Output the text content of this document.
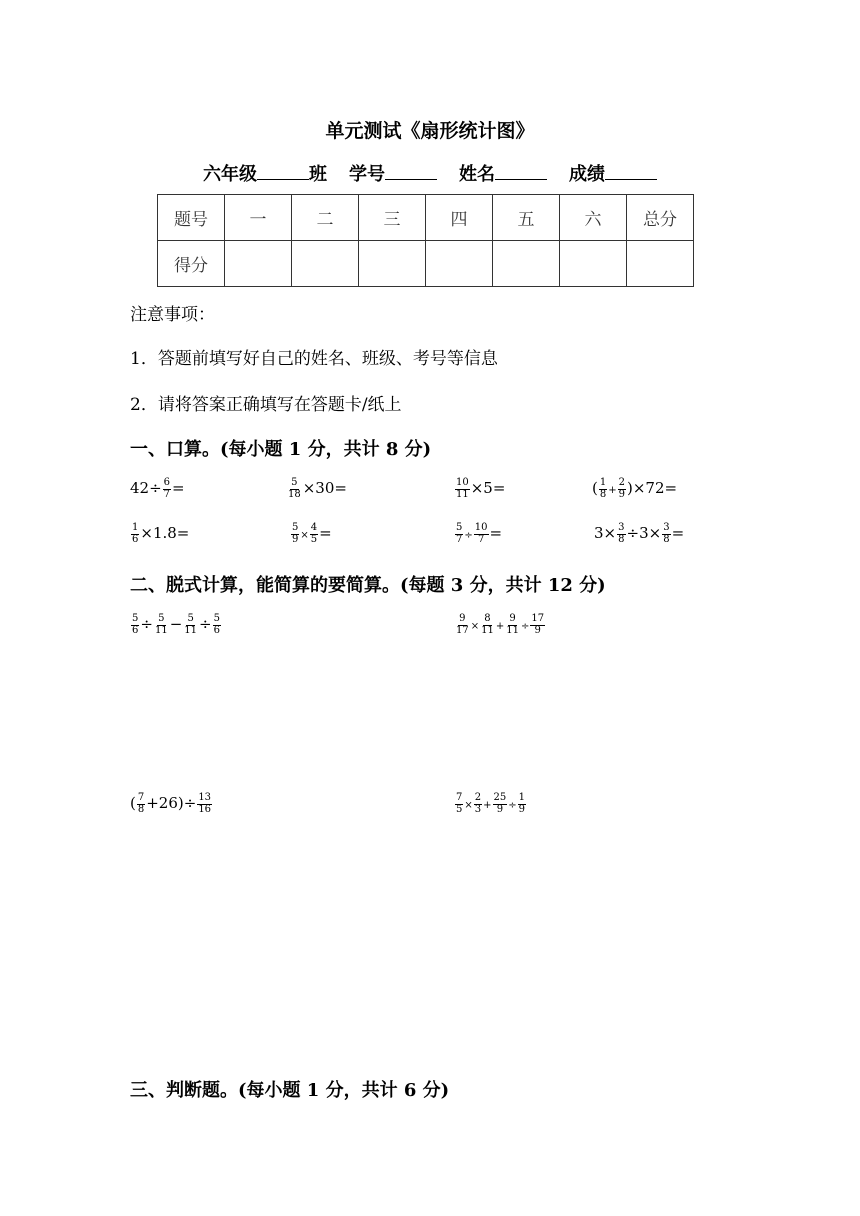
单元测试《扇形统计图》
六年级	班 学号	姓名	成绩
题号	一	二	三	四	五	六	总分
得分							
注意事项：
1．答题前填写好自己的姓名、班级、考号等信息
2．请将答案正确填写在答题卡/纸上
一、口算。(每小题 1 分，共计 8 分)
$42\div \frac{6}{7}$ =	$\frac{5}{18} \times 30=$	$\frac{10}{11} \times 5=$	( $\frac{1}{8} + \frac{2}{9} )\times 72=$
$\frac{1}{6} \times 1.8=$	$\frac{5}{9} \times \frac{4}{5}$ =	$\frac{5}{7} \div \frac{10}{7}$ =	$3\times \frac{3}{8} \div 3\times \frac{3}{8}$ =
二、脱式计算，能简算的要简算。(每题 3 分，共计 12 分)
$\frac{5}{6} \div \frac{5}{11} - \frac{5}{11} \div \frac{5}{6}$	$\frac{9}{17} \times \frac{8}{11} + \frac{9}{11} \div \frac{17}{9}$
( $\frac{7}{8} +26)\div \frac{13}{16}$	$\frac{7}{5} \times \frac{2}{3} + \frac{25}{9} \div \frac{1}{9}$
三、判断题。(每小题 1 分，共计 6 分)
